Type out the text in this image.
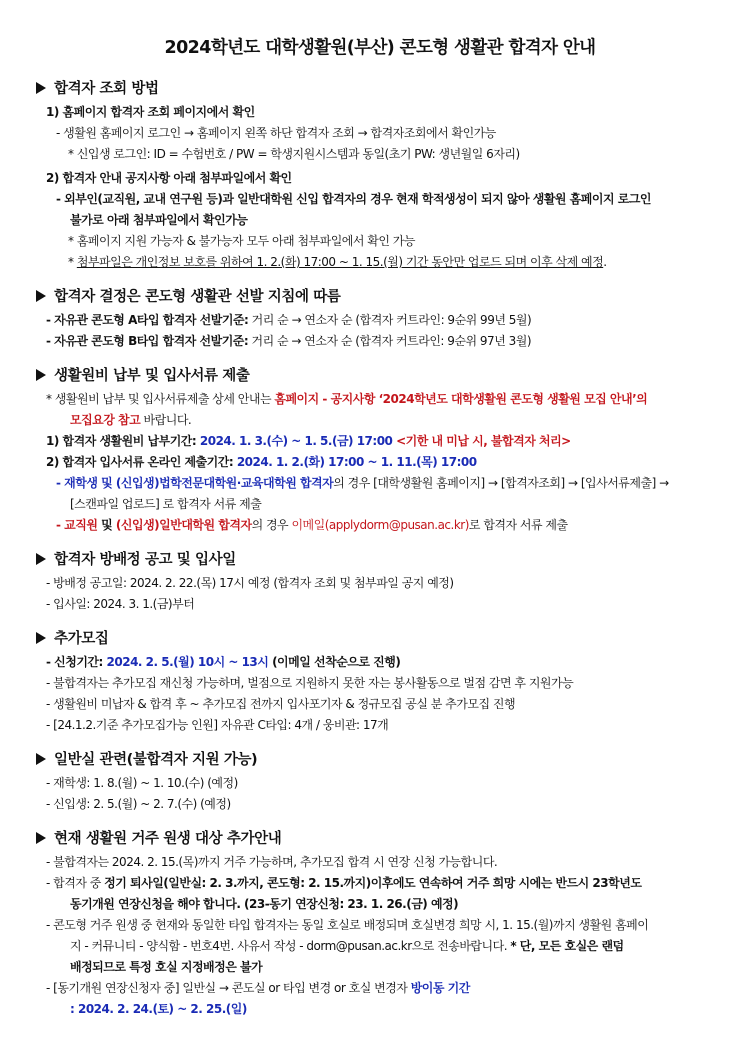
2024학년도 대학생활원(부산) 콘도형 생활관 합격자 안내
합격자 조회 방법
1) 홈페이지 합격자 조회 페이지에서 확인
- 생활원 홈페이지 로그인 → 홈페이지 왼쪽 하단 합격자 조회 → 합격자조회에서 확인가능
* 신입생 로그인: ID = 수험번호 / PW = 학생지원시스템과 동일(초기 PW: 생년월일 6자리)
2) 합격자 안내 공지사항 아래 첨부파일에서 확인
- 외부인(교직원, 교내 연구원 등)과 일반대학원 신입 합격자의 경우 현재 학적생성이 되지 않아 생활원 홈페이지 로그인
불가로 아래 첨부파일에서 확인가능
* 홈페이지 지원 가능자 & 불가능자 모두 아래 첨부파일에서 확인 가능
* 첨부파일은 개인정보 보호를 위하여 1. 2.(화) 17:00 ~ 1. 15.(월) 기간 동안만 업로드 되며 이후 삭제 예정.
합격자 결정은 콘도형 생활관 선발 지침에 따름
- 자유관 콘도형 A타입 합격자 선발기준: 거리 순 → 연소자 순 (합격자 커트라인: 9순위 99년 5월)
- 자유관 콘도형 B타입 합격자 선발기준: 거리 순 → 연소자 순 (합격자 커트라인: 9순위 97년 3월)
생활원비 납부 및 입사서류 제출
* 생활원비 납부 및 입사서류제출 상세 안내는 홈페이지 - 공지사항 ‘2024학년도 대학생활원 콘도형 생활원 모집 안내’의
모집요강 참고 바랍니다.
1) 합격자 생활원비 납부기간: 2024. 1. 3.(수) ~ 1. 5.(금) 17:00 <기한 내 미납 시, 불합격자 처리>
2) 합격자 입사서류 온라인 제출기간: 2024. 1. 2.(화) 17:00 ~ 1. 11.(목) 17:00
- 재학생 및 (신입생)법학전문대학원·교육대학원 합격자의 경우 [대학생활원 홈페이지] → [합격자조회] → [입사서류제출] →
[스캔파일 업로드] 로 합격자 서류 제출
- 교직원 및 (신입생)일반대학원 합격자의 경우 이메일(applydorm@pusan.ac.kr)로 합격자 서류 제출
합격자 방배정 공고 및 입사일
- 방배정 공고일: 2024. 2. 22.(목) 17시 예정 (합격자 조회 및 첨부파일 공지 예정)
- 입사일: 2024. 3. 1.(금)부터
추가모집
- 신청기간: 2024. 2. 5.(월) 10시 ~ 13시 (이메일 선착순으로 진행)
- 불합격자는 추가모집 재신청 가능하며, 벌점으로 지원하지 못한 자는 봉사활동으로 벌점 감면 후 지원가능
- 생활원비 미납자 & 합격 후 ~ 추가모집 전까지 입사포기자 & 정규모집 공실 분 추가모집 진행
- [24.1.2.기준 추가모집가능 인원] 자유관 C타입: 4개 / 웅비관: 17개
일반실 관련(불합격자 지원 가능)
- 재학생: 1. 8.(월) ~ 1. 10.(수) (예정)
- 신입생: 2. 5.(월) ~ 2. 7.(수) (예정)
현재 생활원 거주 원생 대상 추가안내
- 불합격자는 2024. 2. 15.(목)까지 거주 가능하며, 추가모집 합격 시 연장 신청 가능합니다.
- 합격자 중 정기 퇴사일(일반실: 2. 3.까지, 콘도형: 2. 15.까지)이후에도 연속하여 거주 희망 시에는 반드시 23학년도
동기개원 연장신청을 해야 합니다. (23-동기 연장신청: 23. 1. 26.(금) 예정)
- 콘도형 거주 원생 중 현재와 동일한 타입 합격자는 동일 호실로 배정되며 호실변경 희망 시, 1. 15.(월)까지 생활원 홈페이
지 - 커뮤니티 - 양식함 - 번호4번. 사유서 작성 - dorm@pusan.ac.kr으로 전송바랍니다. * 단, 모든 호실은 랜덤
배정되므로 특정 호실 지정배정은 불가
- [동기개원 연장신청자 중] 일반실 → 콘도실 or 타입 변경 or 호실 변경자 방이동 기간
: 2024. 2. 24.(토) ~ 2. 25.(일)
